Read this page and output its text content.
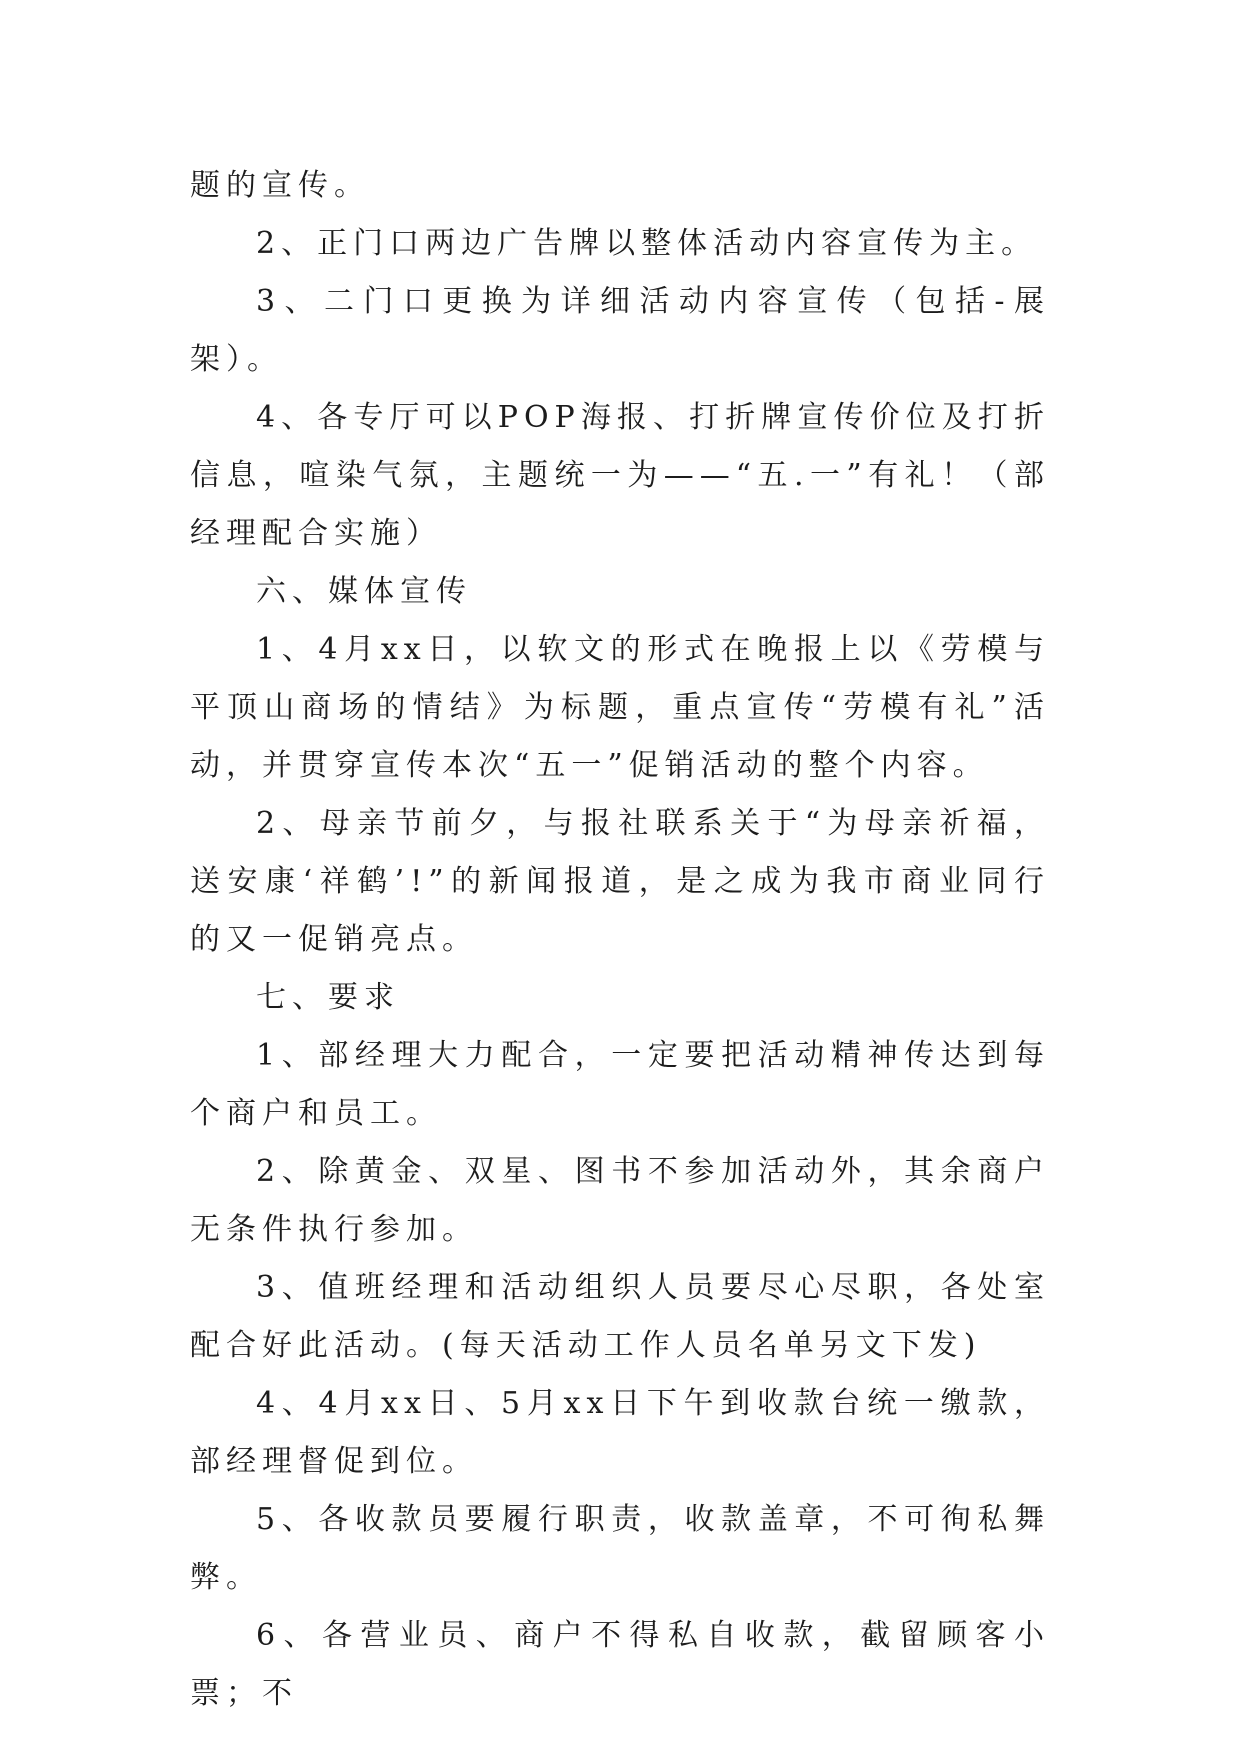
题的宣传。

2、正门口两边广告牌以整体活动内容宣传为主。

3、二门口更换为详细活动内容宣传（包括-展架）。

4、各专厅可以POP海报、打折牌宣传价位及打折信息，喧染气氛，主题统一为——“五.一”有礼！（部经理配合实施）

六、媒体宣传

1、4月xx日，以软文的形式在晚报上以《劳模与平顶山商场的情结》为标题，重点宣传“劳模有礼”活动，并贯穿宣传本次“五一”促销活动的整个内容。

2、母亲节前夕，与报社联系关于“为母亲祈福，送安康‘祥鹤’!”的新闻报道，是之成为我市商业同行的又一促销亮点。

七、要求

1、部经理大力配合，一定要把活动精神传达到每个商户和员工。

2、除黄金、双星、图书不参加活动外，其余商户无条件执行参加。

3、值班经理和活动组织人员要尽心尽职，各处室配合好此活动。(每天活动工作人员名单另文下发)

4、4月xx日、5月xx日下午到收款台统一缴款，部经理督促到位。

5、各收款员要履行职责，收款盖章，不可徇私舞弊。

6、各营业员、商户不得私自收款，截留顾客小票；不
